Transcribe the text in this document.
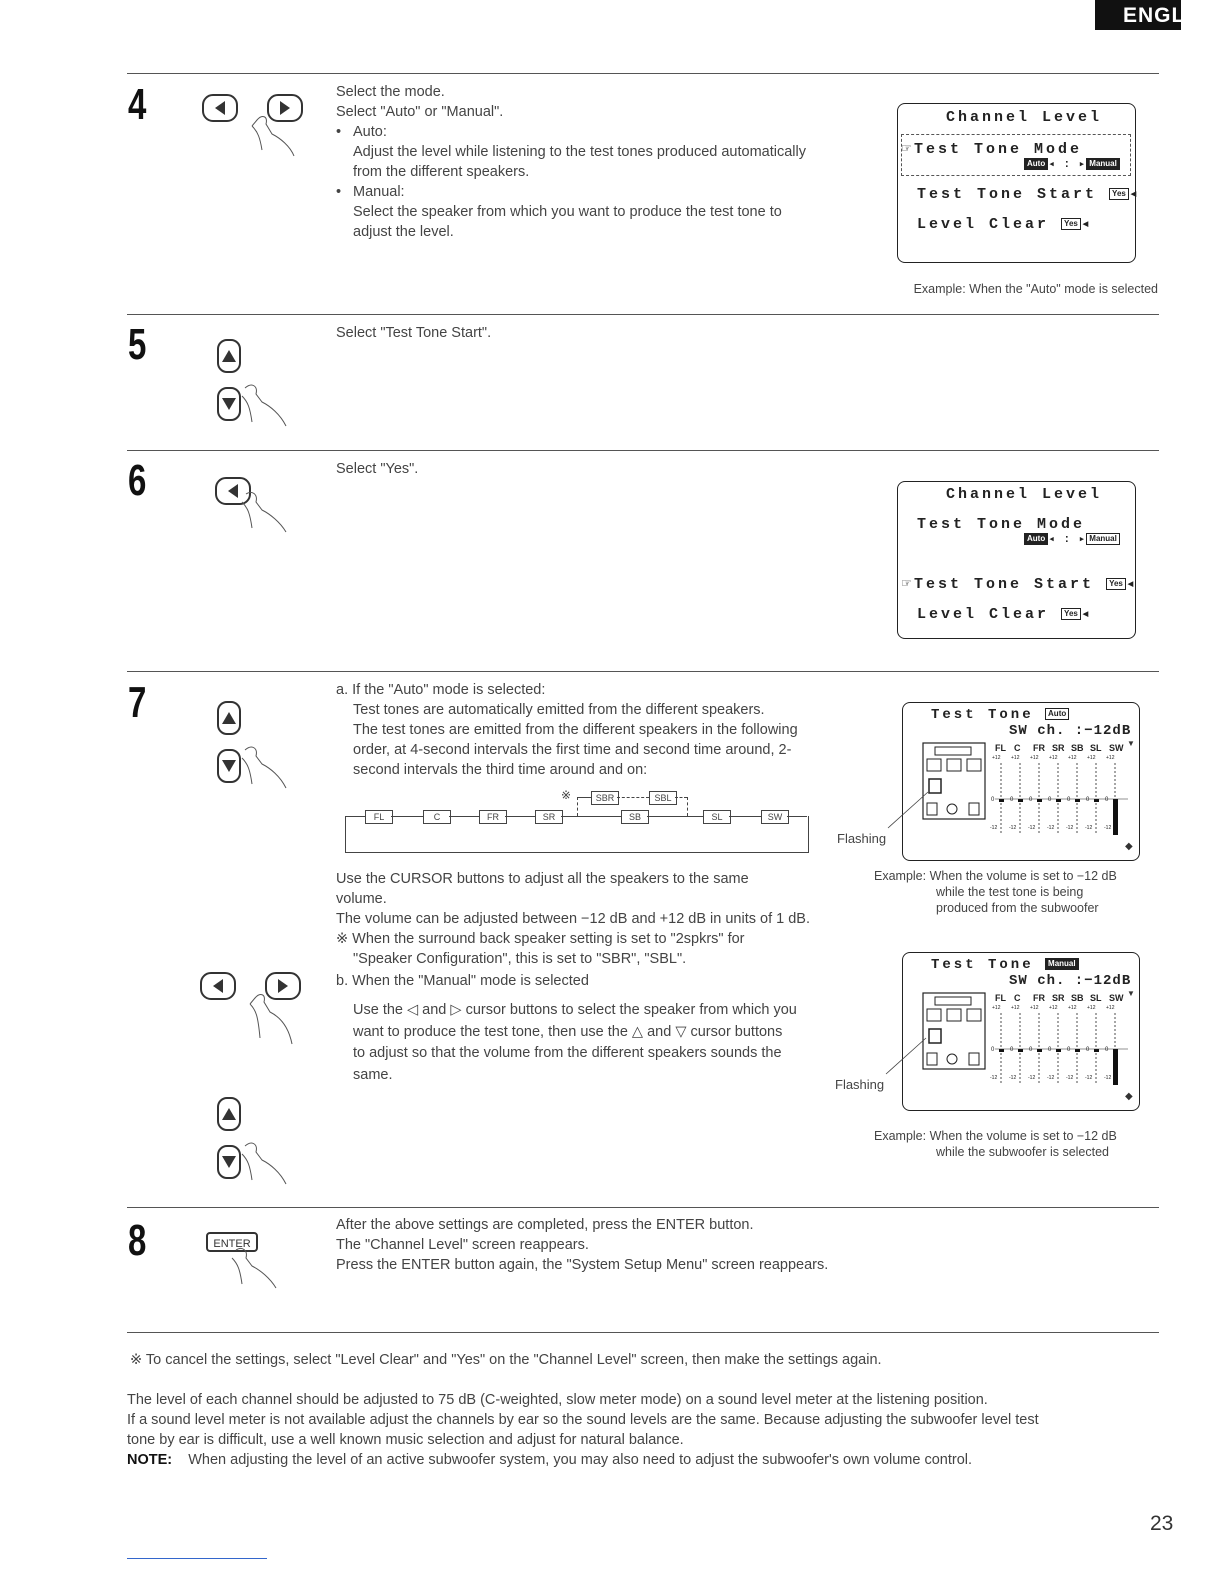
ENGLISH
4	Select the mode.

Select "Auto" or "Manual".

• Auto:

Adjust the level while listening to the test tones produced automatically

from the different speakers.

• Manual:

Select the speaker from which you want to produce the test tone to

adjust the level.

Channel Level
☞Test Tone Mode
Auto ◂ : ▸ Manual
Test Tone Start Yes ◂
Level Clear Yes ◂
Example: When the "Auto" mode is selected
5	Select "Test Tone Start".

6	Select "Yes".

Channel Level
Test Tone Mode
Auto ◂ : ▸ Manual
☞Test Tone Start Yes ◂
Level Clear Yes ◂
7	a. If the "Auto" mode is selected:

Test tones are automatically emitted from the different speakers.

The test tones are emitted from the different speakers in the following

order, at 4-second intervals the first time and second time around, 2-

second intervals the third time around and on:

※	SBR	SBL
FL	C	FR	SR	SB	SL	SW
Flashing

Use the CURSOR buttons to adjust all the speakers to the same

volume.

The volume can be adjusted between −12 dB and +12 dB in units of 1 dB.

※ When the surround back speaker setting is set to "2spkrs" for

"Speaker Configuration", this is set to "SBR", "SBL".

b. When the "Manual" mode is selected

Use the ◁ and ▷ cursor buttons to select the speaker from which you

want to produce the test tone, then use the △ and ▽ cursor buttons

to adjust so that the volume from the different speakers sounds the

same.

Flashing
Test Tone Auto
SW ch. :−12dB
▼
FL
+12
0
-12
C
+12
0
-12
FR
+12
0
-12
SR
+12
0
-12
SB
+12
0
-12
SL
+12
0
-12
SW
+12
0
-12
◆
Example: When the volume is set to −12 dB
while the test tone is being
produced from the subwoofer
Test Tone Manual
SW ch. :−12dB
▼
FL
+12
0
-12
C
+12
0
-12
FR
+12
0
-12
SR
+12
0
-12
SB
+12
0
-12
SL
+12
0
-12
SW
+12
0
-12
◆
Example: When the volume is set to −12 dB
while the subwoofer is selected
8	ENTER

After the above settings are completed, press the ENTER button.

The "Channel Level" screen reappears.

Press the ENTER button again, the "System Setup Menu" screen reappears.

※ To cancel the settings, select "Level Clear" and "Yes" on the "Channel Level" screen, then make the settings again.

The level of each channel should be adjusted to 75 dB (C-weighted, slow meter mode) on a sound level meter at the listening position.

If a sound level meter is not available adjust the channels by ear so the sound levels are the same. Because adjusting the subwoofer level test

tone by ear is difficult, use a well known music selection and adjust for natural balance.

NOTE: When adjusting the level of an active subwoofer system, you may also need to adjust the subwoofer's own volume control.

23
